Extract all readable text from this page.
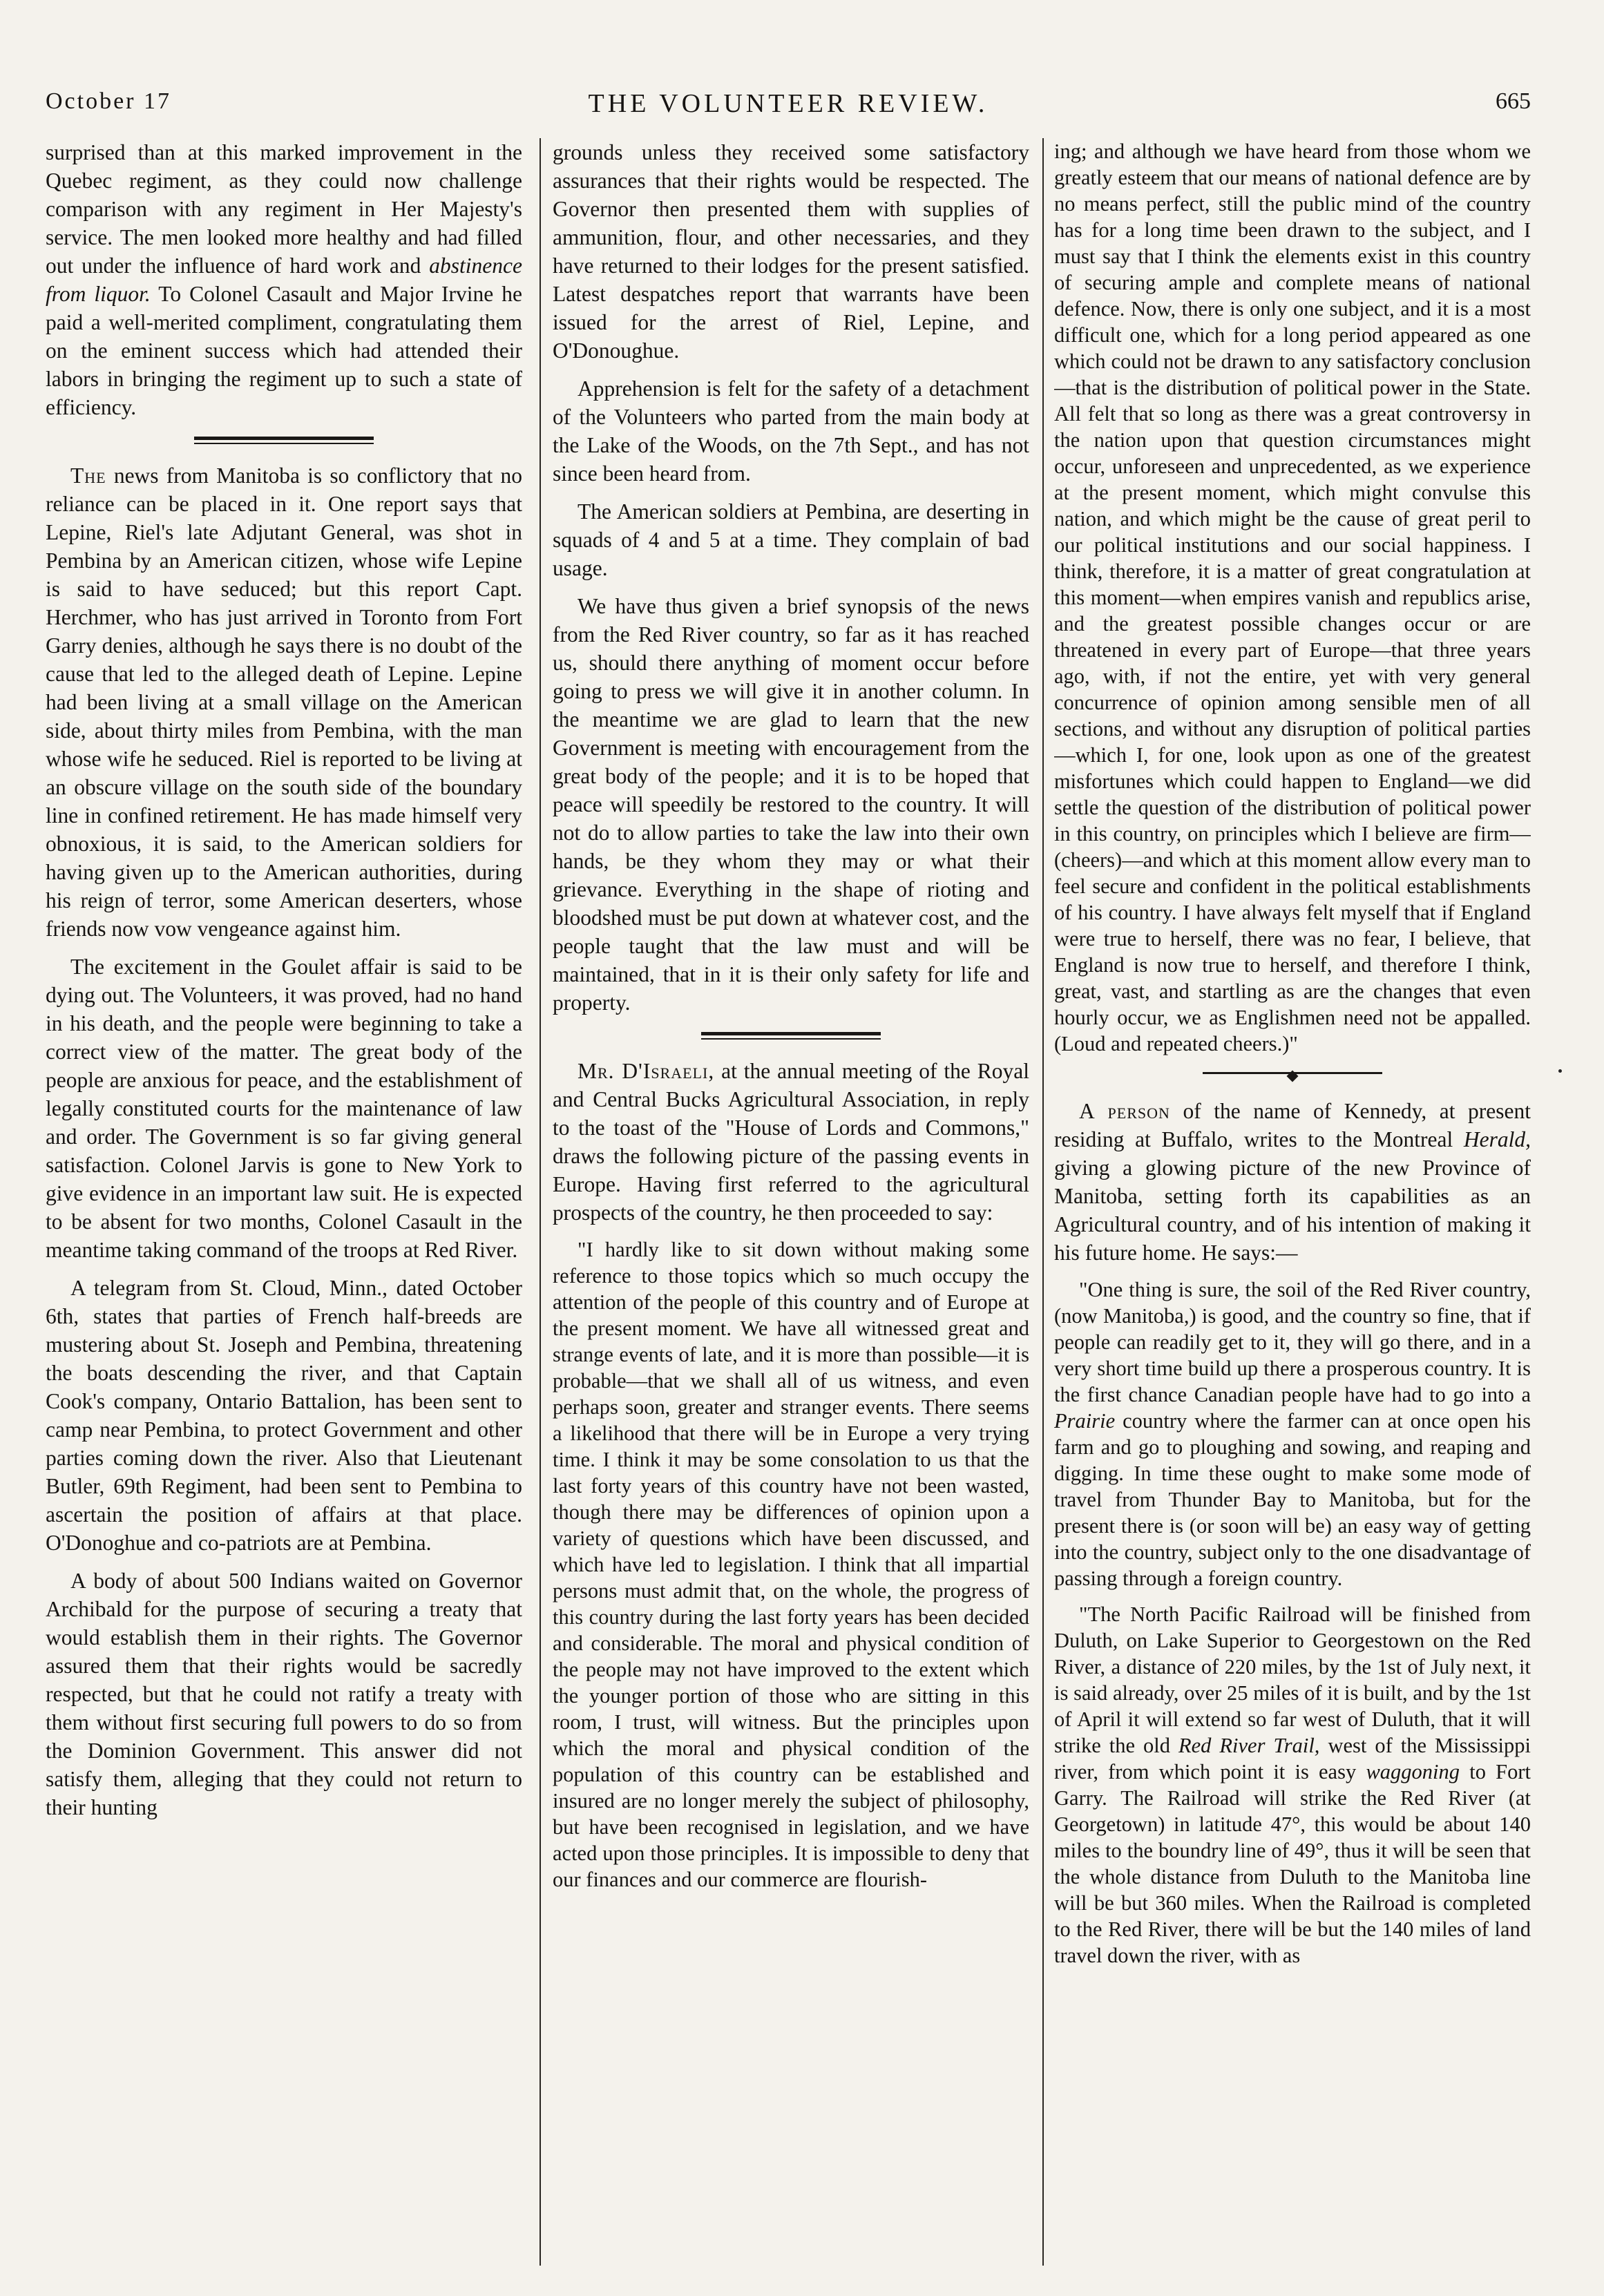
October 17	THE VOLUNTEER REVIEW.	665

surprised than at this marked improvement in the Quebec regiment, as they could now challenge comparison with any regiment in Her Majesty's service. The men looked more healthy and had filled out under the influence of hard work and abstinence from liquor. To Colonel Casault and Major Irvine he paid a well-merited compliment, congratulating them on the eminent success which had attended their labors in bringing the regiment up to such a state of efficiency.

The news from Manitoba is so conflictory that no reliance can be placed in it. One report says that Lepine, Riel's late Adjutant General, was shot in Pembina by an American citizen, whose wife Lepine is said to have seduced; but this report Capt. Herchmer, who has just arrived in Toronto from Fort Garry denies, although he says there is no doubt of the cause that led to the alleged death of Lepine. Lepine had been living at a small village on the American side, about thirty miles from Pembina, with the man whose wife he seduced. Riel is reported to be living at an obscure village on the south side of the boundary line in confined retirement. He has made himself very obnoxious, it is said, to the American soldiers for having given up to the American authorities, during his reign of terror, some American deserters, whose friends now vow vengeance against him.

The excitement in the Goulet affair is said to be dying out. The Volunteers, it was proved, had no hand in his death, and the people were beginning to take a correct view of the matter. The great body of the people are anxious for peace, and the establishment of legally constituted courts for the maintenance of law and order. The Government is so far giving general satisfaction. Colonel Jarvis is gone to New York to give evidence in an important law suit. He is expected to be absent for two months, Colonel Casault in the meantime taking command of the troops at Red River.

A telegram from St. Cloud, Minn., dated October 6th, states that parties of French half-breeds are mustering about St. Joseph and Pembina, threatening the boats descending the river, and that Captain Cook's company, Ontario Battalion, has been sent to camp near Pembina, to protect Government and other parties coming down the river. Also that Lieutenant Butler, 69th Regiment, had been sent to Pembina to ascertain the position of affairs at that place. O'Donoghue and co-patriots are at Pembina.

A body of about 500 Indians waited on Governor Archibald for the purpose of securing a treaty that would establish them in their rights. The Governor assured them that their rights would be sacredly respected, but that he could not ratify a treaty with them without first securing full powers to do so from the Dominion Government. This answer did not satisfy them, alleging that they could not return to their hunting

grounds unless they received some satisfactory assurances that their rights would be respected. The Governor then presented them with supplies of ammunition, flour, and other necessaries, and they have returned to their lodges for the present satisfied. Latest despatches report that warrants have been issued for the arrest of Riel, Lepine, and O'Donoughue.

Apprehension is felt for the safety of a detachment of the Volunteers who parted from the main body at the Lake of the Woods, on the 7th Sept., and has not since been heard from.

The American soldiers at Pembina, are deserting in squads of 4 and 5 at a time. They complain of bad usage.

We have thus given a brief synopsis of the news from the Red River country, so far as it has reached us, should there anything of moment occur before going to press we will give it in another column. In the meantime we are glad to learn that the new Government is meeting with encouragement from the great body of the people; and it is to be hoped that peace will speedily be restored to the country. It will not do to allow parties to take the law into their own hands, be they whom they may or what their grievance. Everything in the shape of rioting and bloodshed must be put down at whatever cost, and the people taught that the law must and will be maintained, that in it is their only safety for life and property.

Mr. D'Israeli, at the annual meeting of the Royal and Central Bucks Agricultural Association, in reply to the toast of the "House of Lords and Commons," draws the following picture of the passing events in Europe. Having first referred to the agricultural prospects of the country, he then proceeded to say:

"I hardly like to sit down without making some reference to those topics which so much occupy the attention of the people of this country and of Europe at the present moment. We have all witnessed great and strange events of late, and it is more than possible—it is probable—that we shall all of us witness, and even perhaps soon, greater and stranger events. There seems a likelihood that there will be in Europe a very trying time. I think it may be some consolation to us that the last forty years of this country have not been wasted, though there may be differences of opinion upon a variety of questions which have been discussed, and which have led to legislation. I think that all impartial persons must admit that, on the whole, the progress of this country during the last forty years has been decided and considerable. The moral and physical condition of the people may not have improved to the extent which the younger portion of those who are sitting in this room, I trust, will witness. But the principles upon which the moral and physical condition of the population of this country can be established and insured are no longer merely the subject of philosophy, but have been recognised in legislation, and we have acted upon those principles. It is impossible to deny that our finances and our commerce are flourish-

ing; and although we have heard from those whom we greatly esteem that our means of national defence are by no means perfect, still the public mind of the country has for a long time been drawn to the subject, and I must say that I think the elements exist in this country of securing ample and complete means of national defence. Now, there is only one subject, and it is a most difficult one, which for a long period appeared as one which could not be drawn to any satisfactory conclusion—that is the distribution of political power in the State. All felt that so long as there was a great controversy in the nation upon that question circumstances might occur, unforeseen and unprecedented, as we experience at the present moment, which might convulse this nation, and which might be the cause of great peril to our political institutions and our social happiness. I think, therefore, it is a matter of great congratulation at this moment—when empires vanish and republics arise, and the greatest possible changes occur or are threatened in every part of Europe—that three years ago, with, if not the entire, yet with very general concurrence of opinion among sensible men of all sections, and without any disruption of political parties—which I, for one, look upon as one of the greatest misfortunes which could happen to England—we did settle the question of the distribution of political power in this country, on principles which I believe are firm—(cheers)—and which at this moment allow every man to feel secure and confident in the political establishments of his country. I have always felt myself that if England were true to herself, there was no fear, I believe, that England is now true to herself, and therefore I think, great, vast, and startling as are the changes that even hourly occur, we as Englishmen need not be appalled. (Loud and repeated cheers.)"

A person of the name of Kennedy, at present residing at Buffalo, writes to the Montreal Herald, giving a glowing picture of the new Province of Manitoba, setting forth its capabilities as an Agricultural country, and of his intention of making it his future home. He says:—

"One thing is sure, the soil of the Red River country, (now Manitoba,) is good, and the country so fine, that if people can readily get to it, they will go there, and in a very short time build up there a prosperous country. It is the first chance Canadian people have had to go into a Prairie country where the farmer can at once open his farm and go to ploughing and sowing, and reaping and digging. In time these ought to make some mode of travel from Thunder Bay to Manitoba, but for the present there is (or soon will be) an easy way of getting into the country, subject only to the one disadvantage of passing through a foreign country.

"The North Pacific Railroad will be finished from Duluth, on Lake Superior to Georgestown on the Red River, a distance of 220 miles, by the 1st of July next, it is said already, over 25 miles of it is built, and by the 1st of April it will extend so far west of Duluth, that it will strike the old Red River Trail, west of the Mississippi river, from which point it is easy waggoning to Fort Garry. The Railroad will strike the Red River (at Georgetown) in latitude 47°, this would be about 140 miles to the boundry line of 49°, thus it will be seen that the whole distance from Duluth to the Manitoba line will be but 360 miles. When the Railroad is completed to the Red River, there will be but the 140 miles of land travel down the river, with as
